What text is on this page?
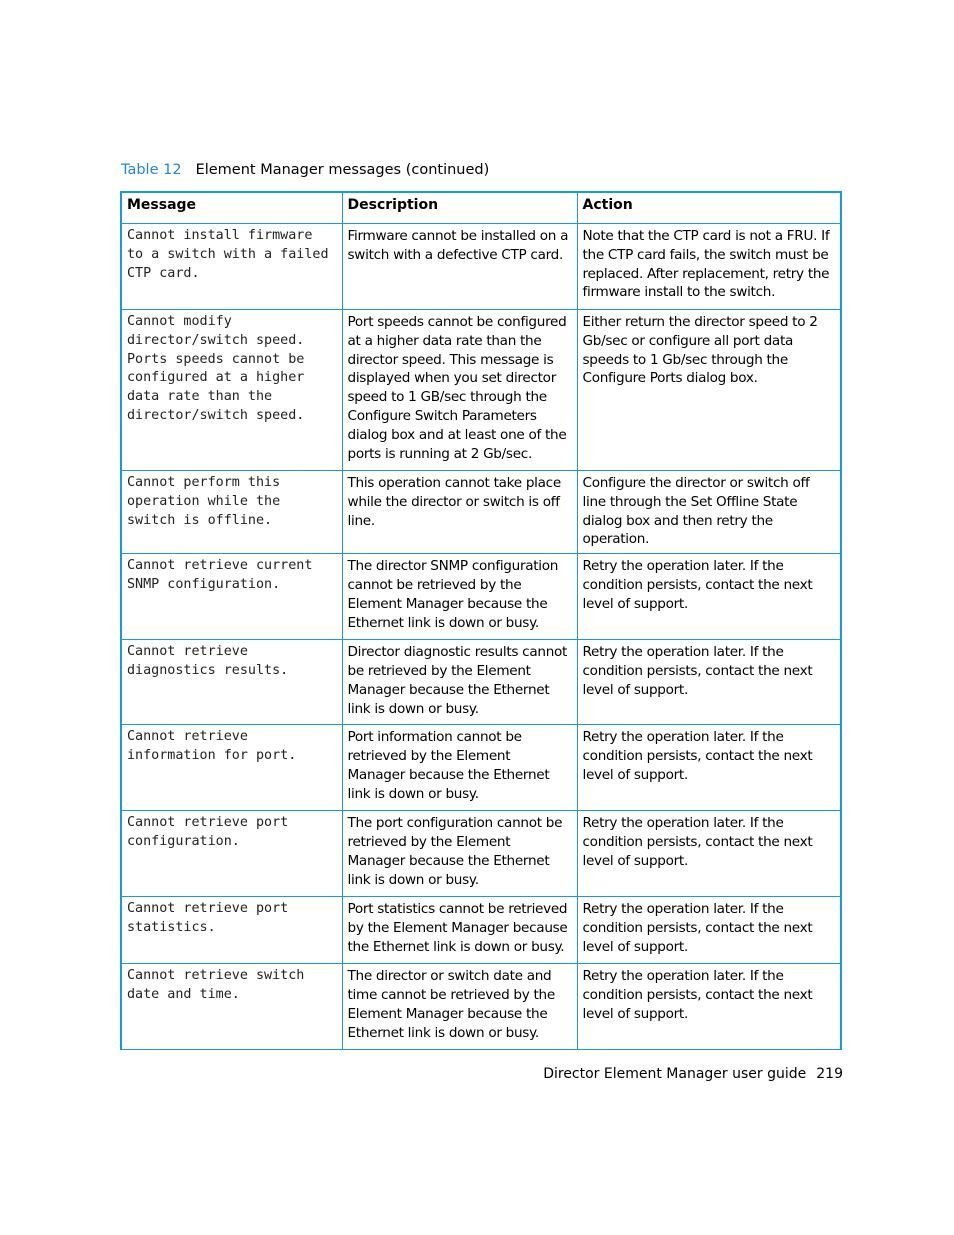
Table 12 Element Manager messages (continued)
Message	Description	Action
Cannot install firmware to a switch with a failed CTP card.	Firmware cannot be installed on a switch with a defective CTP card.	Note that the CTP card is not a FRU. If the CTP card fails, the switch must be replaced. After replacement, retry the firmware install to the switch.
Cannot modify director/switch speed. Ports speeds cannot be configured at a higher data rate than the director/switch speed.	Port speeds cannot be configured at a higher data rate than the director speed. This message is displayed when you set director speed to 1 GB/sec through the Configure Switch Parameters dialog box and at least one of the ports is running at 2 Gb/sec.	Either return the director speed to 2 Gb/sec or configure all port data speeds to 1 Gb/sec through the Configure Ports dialog box.
Cannot perform this operation while the switch is offline.	This operation cannot take place while the director or switch is off line.	Configure the director or switch off line through the Set Offline State dialog box and then retry the operation.
Cannot retrieve current SNMP configuration.	The director SNMP configuration cannot be retrieved by the Element Manager because the Ethernet link is down or busy.	Retry the operation later. If the condition persists, contact the next level of support.
Cannot retrieve diagnostics results.	Director diagnostic results cannot be retrieved by the Element Manager because the Ethernet link is down or busy.	Retry the operation later. If the condition persists, contact the next level of support.
Cannot retrieve information for port.	Port information cannot be retrieved by the Element Manager because the Ethernet link is down or busy.	Retry the operation later. If the condition persists, contact the next level of support.
Cannot retrieve port configuration.	The port configuration cannot be retrieved by the Element Manager because the Ethernet link is down or busy.	Retry the operation later. If the condition persists, contact the next level of support.
Cannot retrieve port statistics.	Port statistics cannot be retrieved by the Element Manager because the Ethernet link is down or busy.	Retry the operation later. If the condition persists, contact the next level of support.
Cannot retrieve switch date and time.	The director or switch date and time cannot be retrieved by the Element Manager because the Ethernet link is down or busy.	Retry the operation later. If the condition persists, contact the next level of support.
Director Element Manager user guide 219
